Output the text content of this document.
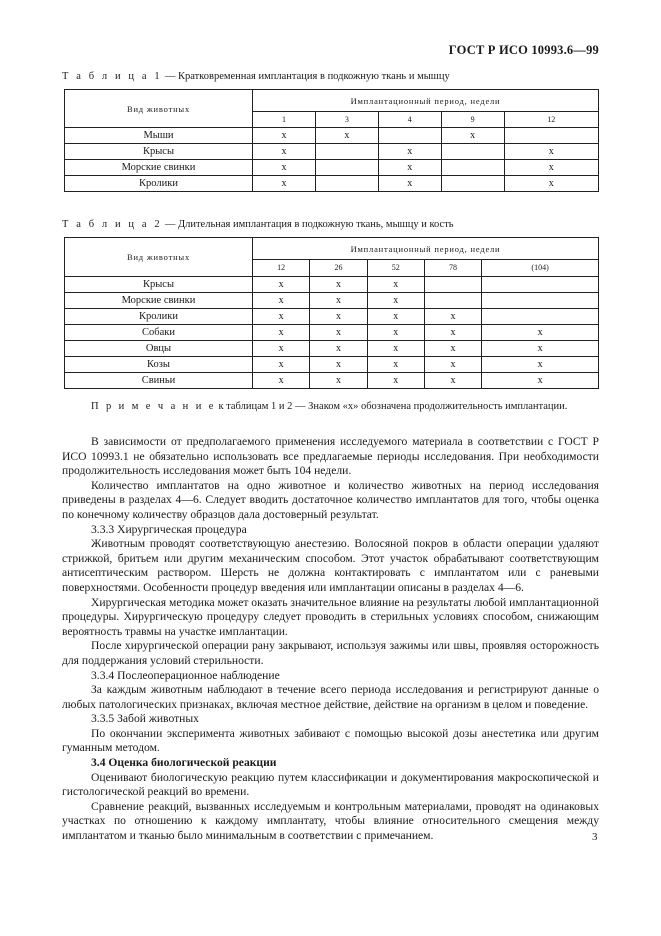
ГОСТ Р ИСО 10993.6—99
Т а б л и ц а 1 — Кратковременная имплантация в подкожную ткань и мышцу
Вид животных	Имплантационный период, недели				
	1	3	4	9	12
Мыши	x	x		x	
Крысы	x		x		x
Морские свинки	x		x		x
Кролики	x		x		x
Т а б л и ц а 2 — Длительная имплантация в подкожную ткань, мышцу и кость
Вид животных	Имплантационный период, недели				
	12	26	52	78	(104)
Крысы	x	x	x		
Морские свинки	x	x	x		
Кролики	x	x	x	x	
Собаки	x	x	x	x	x
Овцы	x	x	x	x	x
Козы	x	x	x	x	x
Свиньи	x	x	x	x	x
П р и м е ч а н и е к таблицам 1 и 2 — Знаком «x» обозначена продолжительность имплантации.

В зависимости от предполагаемого применения исследуемого материала в соответствии с ГОСТ Р ИСО 10993.1 не обязательно использовать все предлагаемые периоды исследования. При необходимости продолжительность исследования может быть 104 недели.

Количество имплантатов на одно животное и количество животных на период исследования приведены в разделах 4—6. Следует вводить достаточное количество имплантатов для того, чтобы оценка по конечному количеству образцов дала достоверный результат.

3.3.3 Хирургическая процедура

Животным проводят соответствующую анестезию. Волосяной покров в области операции удаляют стрижкой, бритьем или другим механическим способом. Этот участок обрабатывают соответствующим антисептическим раствором. Шерсть не должна контактировать с имплантатом или с раневыми поверхностями. Особенности процедур введения или имплантации описаны в разделах 4—6.

Хирургическая методика может оказать значительное влияние на результаты любой имплантационной процедуры. Хирургическую процедуру следует проводить в стерильных условиях способом, снижающим вероятность травмы на участке имплантации.

После хирургической операции рану закрывают, используя зажимы или швы, проявляя осторожность для поддержания условий стерильности.

3.3.4 Послеоперационное наблюдение

За каждым животным наблюдают в течение всего периода исследования и регистрируют данные о любых патологических признаках, включая местное действие, действие на организм в целом и поведение.

3.3.5 Забой животных

По окончании эксперимента животных забивают с помощью высокой дозы анестетика или другим гуманным методом.

3.4 Оценка биологической реакции

Оценивают биологическую реакцию путем классификации и документирования макроскопической и гистологической реакций во времени.

Сравнение реакций, вызванных исследуемым и контрольным материалами, проводят на одинаковых участках по отношению к каждому имплантату, чтобы влияние относительного смещения между имплантатом и тканью было минимальным в соответствии с примечанием.	3
